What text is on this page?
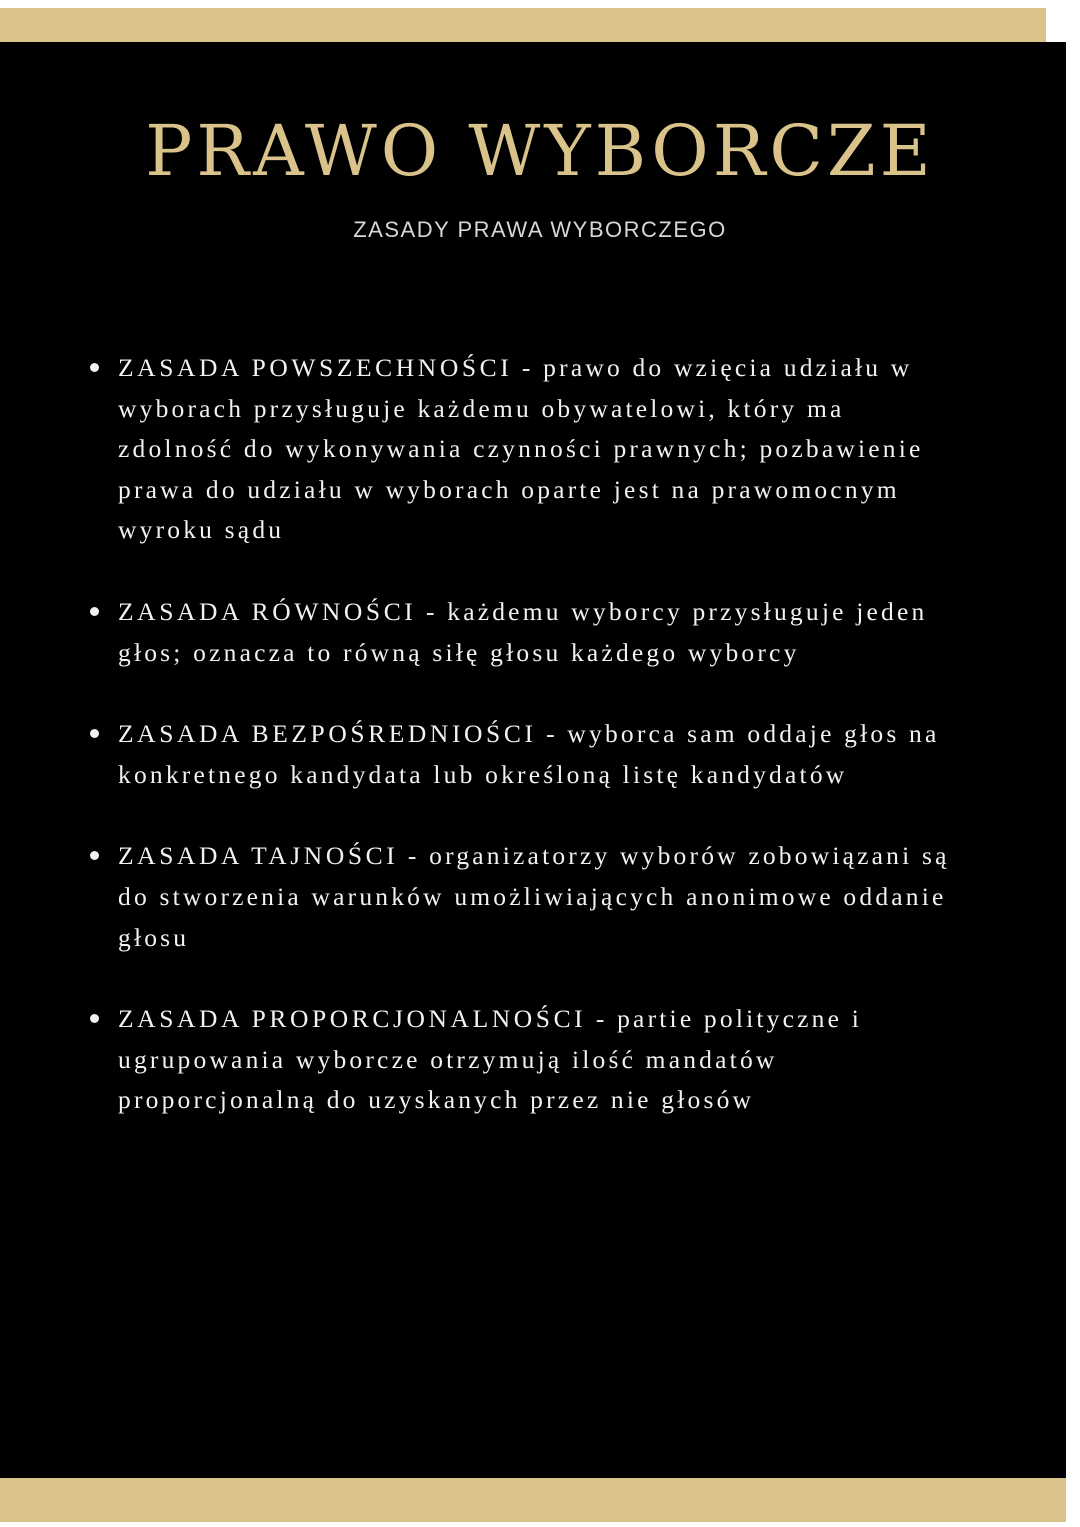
PRAWO WYBORCZE
ZASADY PRAWA WYBORCZEGO
ZASADA POWSZECHNOŚCI - prawo do wzięcia udziału w wyborach przysługuje każdemu obywatelowi, który ma zdolność do wykonywania czynności prawnych; pozbawienie prawa do udziału w wyborach oparte jest na prawomocnym wyroku sądu
ZASADA RÓWNOŚCI - każdemu wyborcy przysługuje jeden głos; oznacza to równą siłę głosu każdego wyborcy
ZASADA BEZPOŚREDNIOŚCI - wyborca sam oddaje głos na konkretnego kandydata lub określoną listę kandydatów
ZASADA TAJNOŚCI - organizatorzy wyborów zobowiązani są do stworzenia warunków umożliwiających anonimowe oddanie głosu
ZASADA PROPORCJONALNOŚCI - partie polityczne i ugrupowania wyborcze otrzymują ilość mandatów proporcjonalną do uzyskanych przez nie głosów
